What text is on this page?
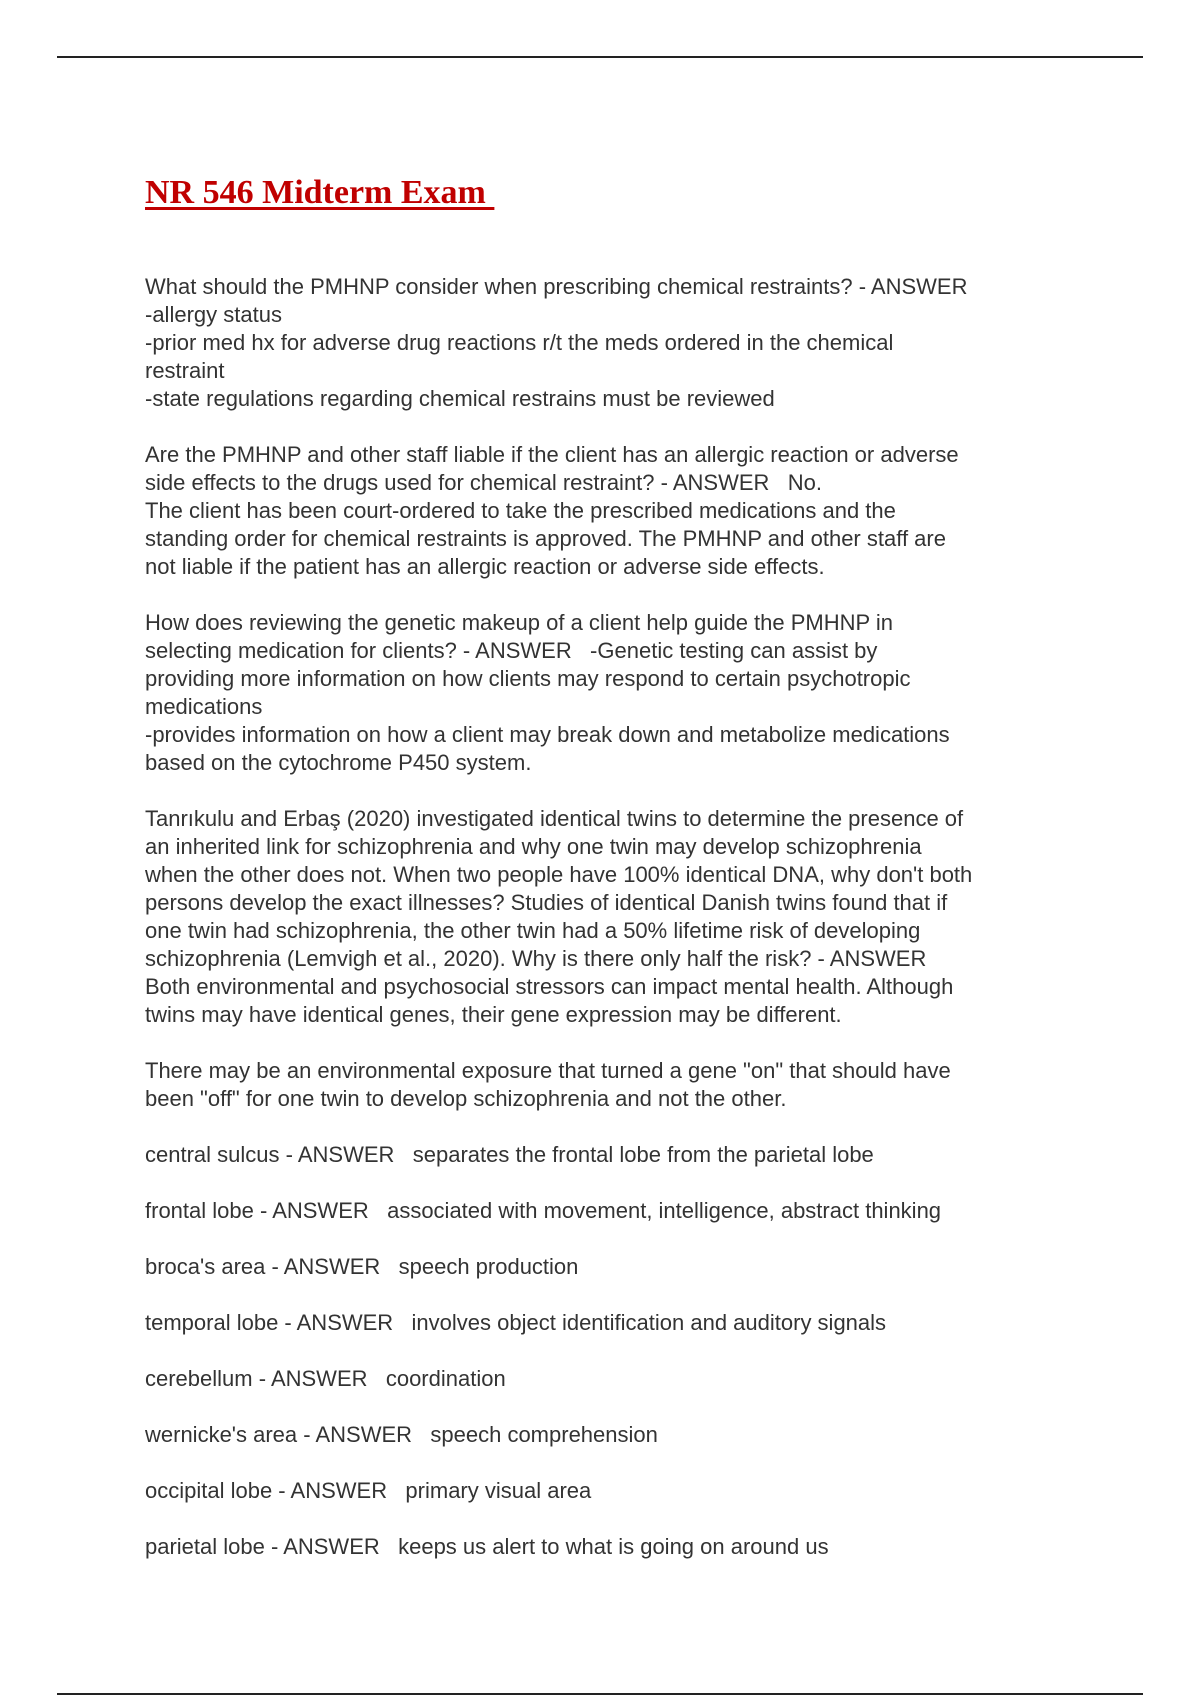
NR 546 Midterm Exam
What should the PMHNP consider when prescribing chemical restraints? - ANSWER
-allergy status
-prior med hx for adverse drug reactions r/t the meds ordered in the chemical
restraint
-state regulations regarding chemical restrains must be reviewed
Are the PMHNP and other staff liable if the client has an allergic reaction or adverse
side effects to the drugs used for chemical restraint? - ANSWER   No.
The client has been court-ordered to take the prescribed medications and the
standing order for chemical restraints is approved. The PMHNP and other staff are
not liable if the patient has an allergic reaction or adverse side effects.
How does reviewing the genetic makeup of a client help guide the PMHNP in
selecting medication for clients? - ANSWER   -Genetic testing can assist by
providing more information on how clients may respond to certain psychotropic
medications
-provides information on how a client may break down and metabolize medications
based on the cytochrome P450 system.
Tanrıkulu and Erbaş (2020) investigated identical twins to determine the presence of
an inherited link for schizophrenia and why one twin may develop schizophrenia
when the other does not. When two people have 100% identical DNA, why don't both
persons develop the exact illnesses? Studies of identical Danish twins found that if
one twin had schizophrenia, the other twin had a 50% lifetime risk of developing
schizophrenia (Lemvigh et al., 2020). Why is there only half the risk? - ANSWER
Both environmental and psychosocial stressors can impact mental health. Although
twins may have identical genes, their gene expression may be different.
There may be an environmental exposure that turned a gene "on" that should have
been "off" for one twin to develop schizophrenia and not the other.
central sulcus - ANSWER   separates the frontal lobe from the parietal lobe
frontal lobe - ANSWER   associated with movement, intelligence, abstract thinking
broca's area - ANSWER   speech production
temporal lobe - ANSWER   involves object identification and auditory signals
cerebellum - ANSWER   coordination
wernicke's area - ANSWER   speech comprehension
occipital lobe - ANSWER   primary visual area
parietal lobe - ANSWER   keeps us alert to what is going on around us
